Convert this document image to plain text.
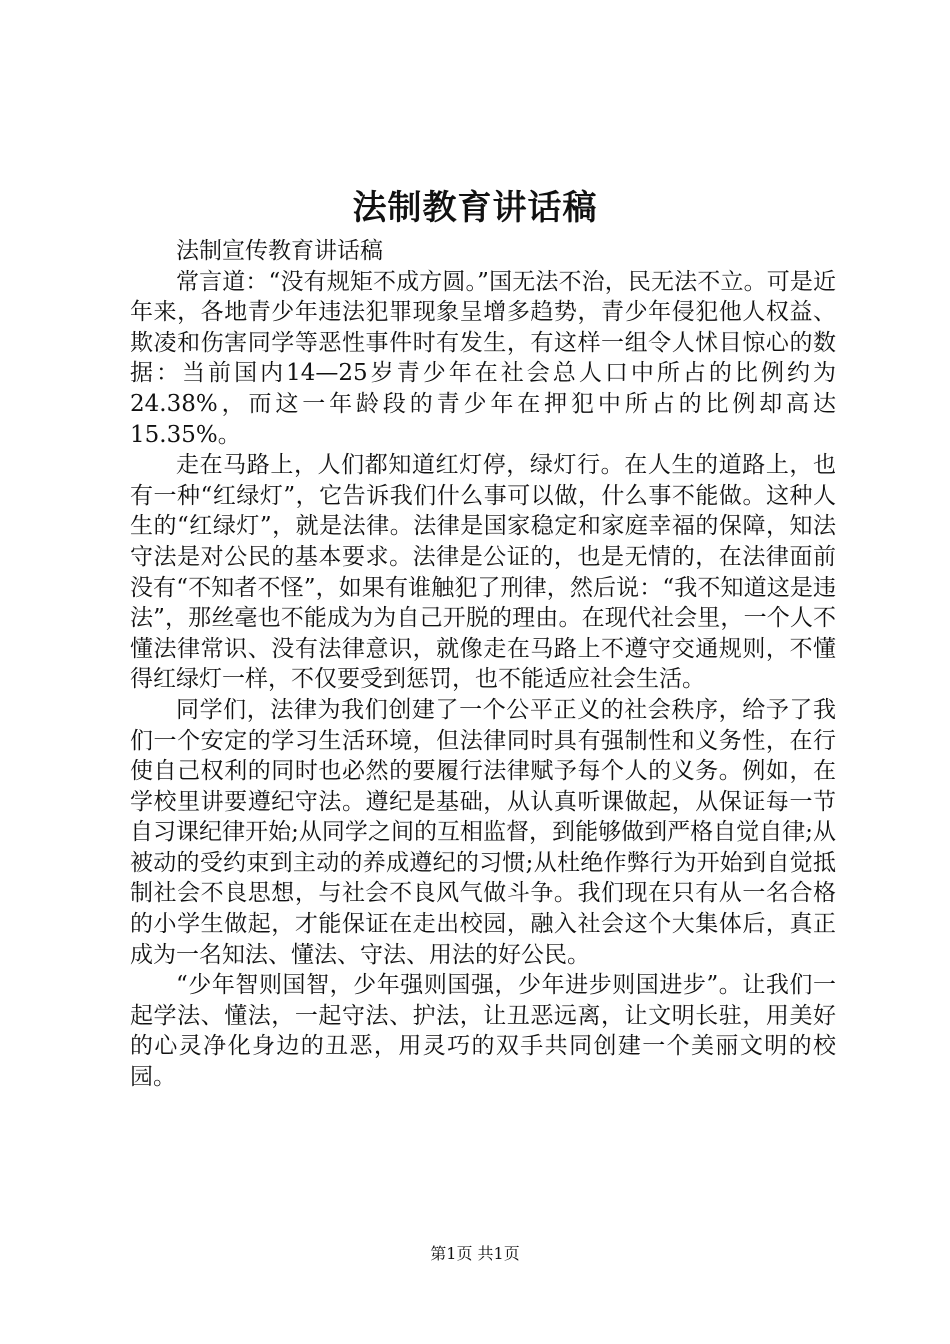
法制教育讲话稿

法制宣传教育讲话稿

常言道：“没有规矩不成方圆。”国无法不治，民无法不立。可是近年来，各地青少年违法犯罪现象呈增多趋势，青少年侵犯他人权益、欺凌和伤害同学等恶性事件时有发生，有这样一组令人怵目惊心的数据：当前国内14—25岁青少年在社会总人口中所占的比例约为24.38%，而这一年龄段的青少年在押犯中所占的比例却高达15.35%。

走在马路上，人们都知道红灯停，绿灯行。在人生的道路上，也有一种“红绿灯”，它告诉我们什么事可以做，什么事不能做。这种人生的“红绿灯”，就是法律。法律是国家稳定和家庭幸福的保障，知法守法是对公民的基本要求。法律是公证的，也是无情的，在法律面前没有“不知者不怪”，如果有谁触犯了刑律，然后说：“我不知道这是违法”，那丝毫也不能成为为自己开脱的理由。在现代社会里，一个人不懂法律常识、没有法律意识，就像走在马路上不遵守交通规则，不懂得红绿灯一样，不仅要受到惩罚，也不能适应社会生活。

同学们，法律为我们创建了一个公平正义的社会秩序，给予了我们一个安定的学习生活环境，但法律同时具有强制性和义务性，在行使自己权利的同时也必然的要履行法律赋予每个人的义务。例如，在学校里讲要遵纪守法。遵纪是基础，从认真听课做起，从保证每一节自习课纪律开始;从同学之间的互相监督，到能够做到严格自觉自律;从被动的受约束到主动的养成遵纪的习惯;从杜绝作弊行为开始到自觉抵制社会不良思想，与社会不良风气做斗争。我们现在只有从一名合格的小学生做起，才能保证在走出校园，融入社会这个大集体后，真正成为一名知法、懂法、守法、用法的好公民。

“少年智则国智，少年强则国强，少年进步则国进步”。让我们一起学法、懂法，一起守法、护法，让丑恶远离，让文明长驻，用美好的心灵净化身边的丑恶，用灵巧的双手共同创建一个美丽文明的校园。

第1页 共1页
